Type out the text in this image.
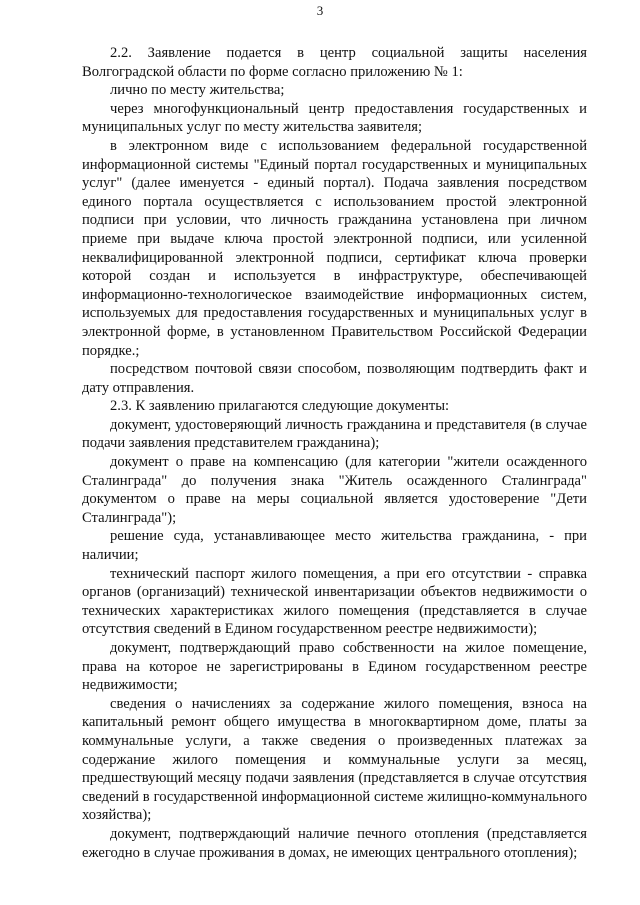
3

2.2. Заявление подается в центр социальной защиты населения Волгоградской области по форме согласно приложению № 1:

лично по месту жительства;

через многофункциональный центр предоставления государственных и муниципальных услуг по месту жительства заявителя;

в электронном виде с использованием федеральной государственной информационной системы "Единый портал государственных и муниципальных услуг" (далее именуется - единый портал). Подача заявления посредством единого портала осуществляется с использованием простой электронной подписи при условии, что личность гражданина установлена при личном приеме при выдаче ключа простой электронной подписи, или усиленной неквалифицированной электронной подписи, сертификат ключа проверки которой создан и используется в инфраструктуре, обеспечивающей информационно-технологическое взаимодействие информационных систем, используемых для предоставления государственных и муниципальных услуг в электронной форме, в установленном Правительством Российской Федерации порядке.;

посредством почтовой связи способом, позволяющим подтвердить факт и дату отправления.

2.3. К заявлению прилагаются следующие документы:

документ, удостоверяющий личность гражданина и представителя (в случае подачи заявления представителем гражданина);

документ о праве на компенсацию (для категории "жители осажденного Сталинграда" до получения знака "Житель осажденного Сталинграда" документом о праве на меры социальной является удостоверение "Дети Сталинграда");

решение суда, устанавливающее место жительства гражданина, - при наличии;

технический паспорт жилого помещения, а при его отсутствии - справка органов (организаций) технической инвентаризации объектов недвижимости о технических характеристиках жилого помещения (представляется в случае отсутствия сведений в Едином государственном реестре недвижимости);

документ, подтверждающий право собственности на жилое помещение, права на которое не зарегистрированы в Едином государственном реестре недвижимости;

сведения о начислениях за содержание жилого помещения, взноса на капитальный ремонт общего имущества в многоквартирном доме, платы за коммунальные услуги, а также сведения о произведенных платежах за содержание жилого помещения и коммунальные услуги за месяц, предшествующий месяцу подачи заявления (представляется в случае отсутствия сведений в государственной информационной системе жилищно-коммунального хозяйства);

документ, подтверждающий наличие печного отопления (представляется ежегодно в случае проживания в домах, не имеющих центрального отопления);
